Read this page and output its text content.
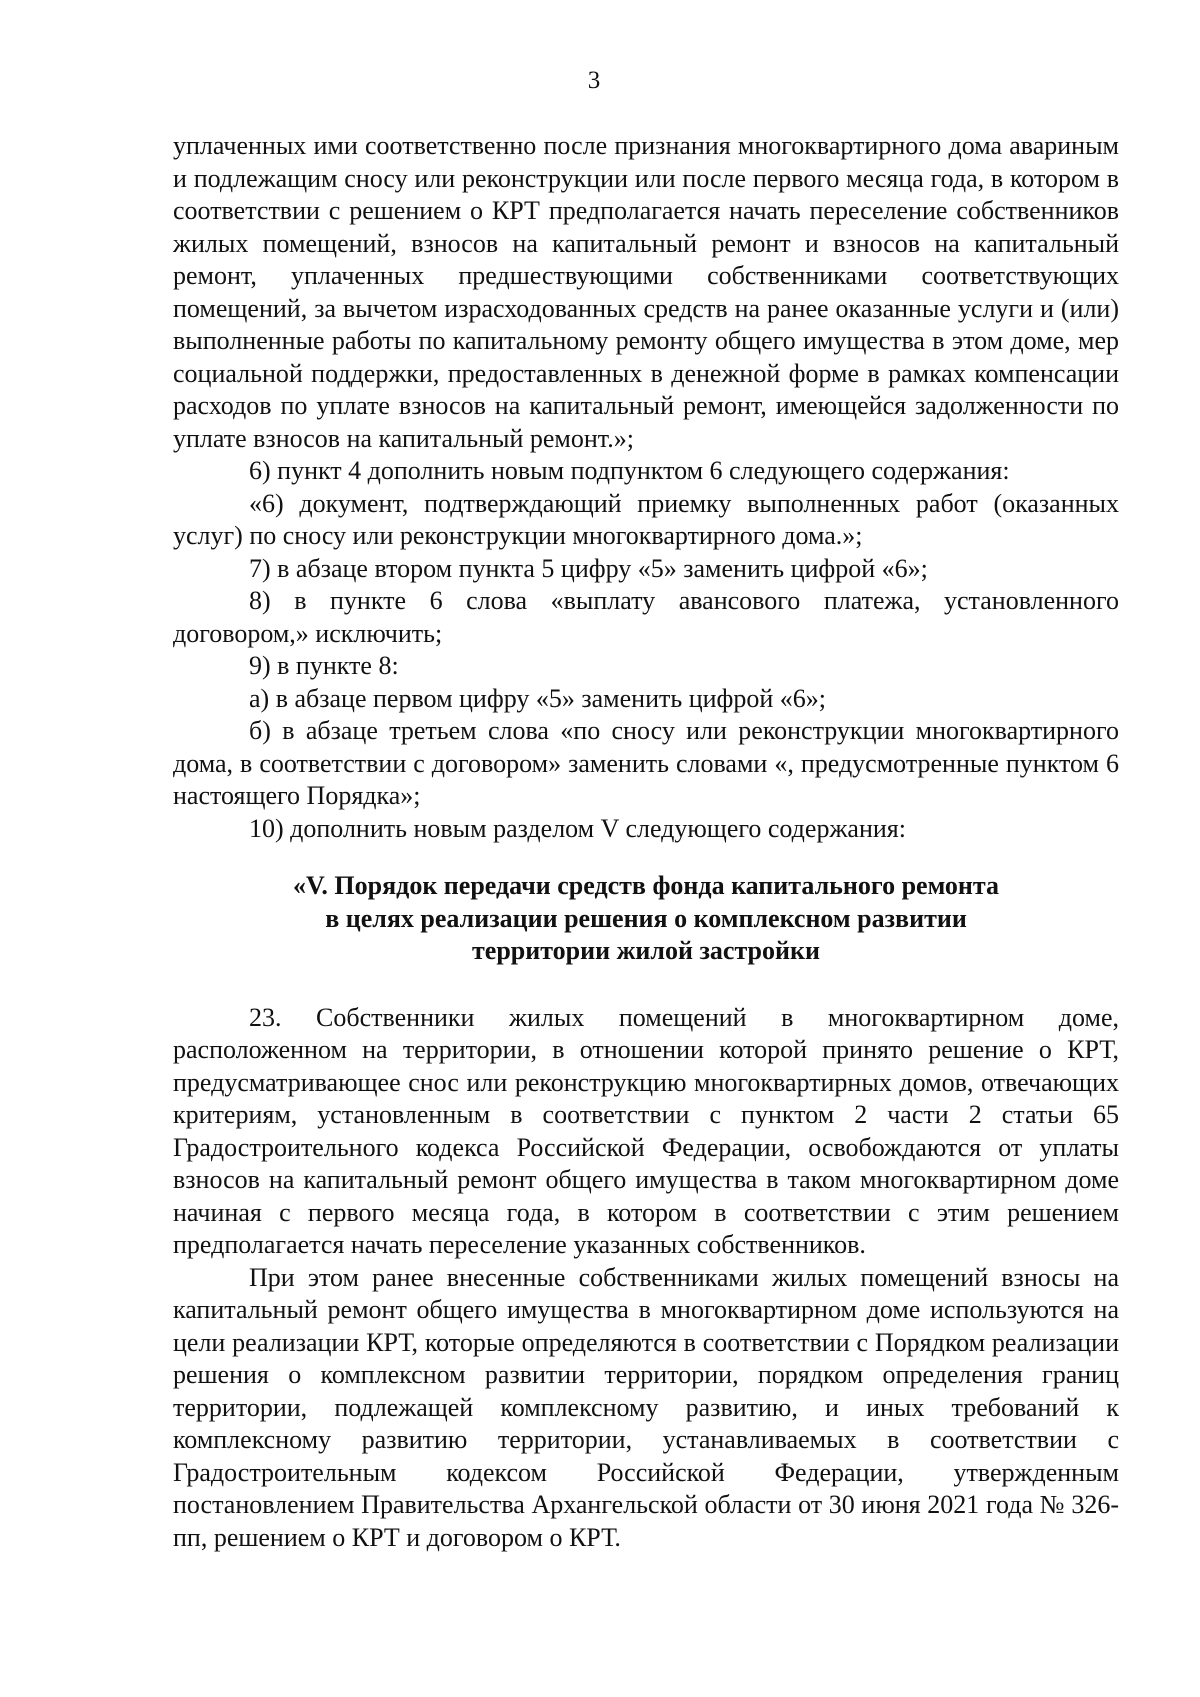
3

уплаченных ими соответственно после признания многоквартирного дома авариным и подлежащим сносу или реконструкции или после первого месяца года, в котором в соответствии с решением о КРТ предполагается начать переселение собственников жилых помещений, взносов на капитальный ремонт и взносов на капитальный ремонт, уплаченных предшествующими собственниками соответствующих помещений, за вычетом израсходованных средств на ранее оказанные услуги и (или) выполненные работы по капитальному ремонту общего имущества в этом доме, мер социальной поддержки, предоставленных в денежной форме в рамках компенсации расходов по уплате взносов на капитальный ремонт, имеющейся задолженности по уплате взносов на капитальный ремонт.»;

6) пункт 4 дополнить новым подпунктом 6 следующего содержания:

«6) документ, подтверждающий приемку выполненных работ (оказанных услуг) по сносу или реконструкции многоквартирного дома.»;

7) в абзаце втором пункта 5 цифру «5» заменить цифрой «6»;

8) в пункте 6 слова «выплату авансового платежа, установленного договором,» исключить;

9) в пункте 8:

а) в абзаце первом цифру «5» заменить цифрой «6»;

б) в абзаце третьем слова «по сносу или реконструкции многоквартирного дома, в соответствии с договором» заменить словами «, предусмотренные пунктом 6 настоящего Порядка»;

10) дополнить новым разделом V следующего содержания:

«V. Порядок передачи средств фонда капитального ремонта
в целях реализации решения о комплексном развитии
территории жилой застройки

23. Собственники жилых помещений в многоквартирном доме, расположенном на территории, в отношении которой принято решение о КРТ, предусматривающее снос или реконструкцию многоквартирных домов, отвечающих критериям, установленным в соответствии с пунктом 2 части 2 статьи 65 Градостроительного кодекса Российской Федерации, освобождаются от уплаты взносов на капитальный ремонт общего имущества в таком многоквартирном доме начиная с первого месяца года, в котором в соответствии с этим решением предполагается начать переселение указанных собственников.

При этом ранее внесенные собственниками жилых помещений взносы на капитальный ремонт общего имущества в многоквартирном доме используются на цели реализации КРТ, которые определяются в соответствии с Порядком реализации решения о комплексном развитии территории, порядком определения границ территории, подлежащей комплексному развитию, и иных требований к комплексному развитию территории, устанавливаемых в соответствии с Градостроительным кодексом Российской Федерации, утвержденным постановлением Правительства Архангельской области от 30 июня 2021 года № 326-пп, решением о КРТ и договором о КРТ.
